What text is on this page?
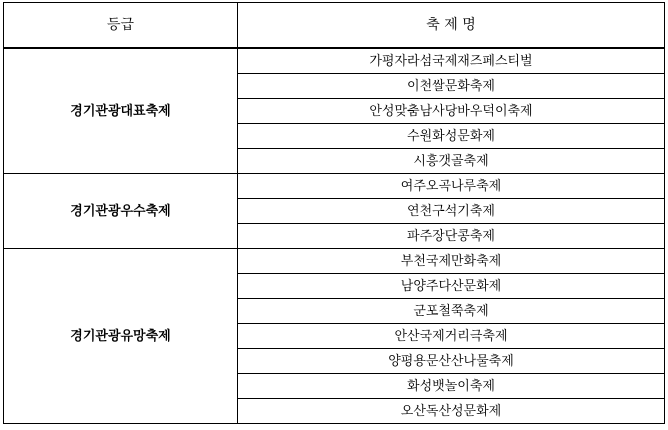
등급	축 제 명
경기관광대표축제	가평자라섬국제재즈페스티벌
	이천쌀문화축제
	안성맞춤남사당바우덕이축제
	수원화성문화제
	시흥갯골축제
경기관광우수축제	여주오곡나루축제
	연천구석기축제
	파주장단콩축제
경기관광유망축제	부천국제만화축제
	남양주다산문화제
	군포철쭉축제
	안산국제거리극축제
	양평용문산산나물축제
	화성뱃놀이축제
	오산독산성문화제
